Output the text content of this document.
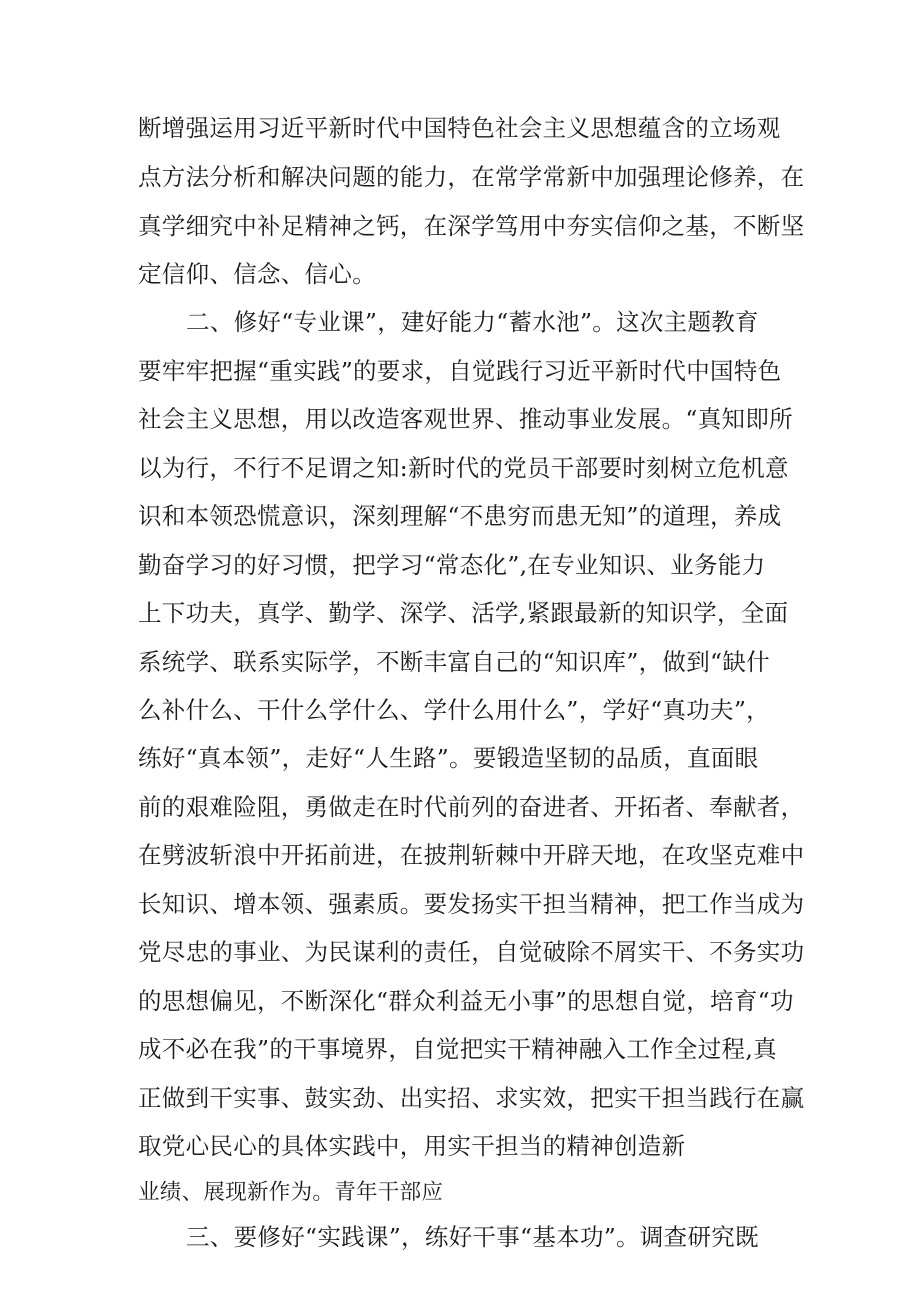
断增强运用习近平新时代中国特色社会主义思想蕴含的立场观
点方法分析和解决问题的能力，在常学常新中加强理论修养，在
真学细究中补足精神之钙，在深学笃用中夯实信仰之基，不断坚
定信仰、信念、信心。
二、修好“专业课”，建好能力“蓄水池”。这次主题教育
要牢牢把握“重实践”的要求，自觉践行习近平新时代中国特色
社会主义思想，用以改造客观世界、推动事业发展。“真知即所
以为行，不行不足谓之知:新时代的党员干部要时刻树立危机意
识和本领恐慌意识，深刻理解“不患穷而患无知”的道理，养成
勤奋学习的好习惯，把学习“常态化”,在专业知识、业务能力
上下功夫，真学、勤学、深学、活学,紧跟最新的知识学，全面
系统学、联系实际学，不断丰富自己的“知识库”，做到“缺什
么补什么、干什么学什么、学什么用什么”，学好“真功夫”，
练好“真本领”，走好“人生路”。要锻造坚韧的品质，直面眼
前的艰难险阻，勇做走在时代前列的奋进者、开拓者、奉献者，
在劈波斩浪中开拓前进，在披荆斩棘中开辟天地，在攻坚克难中
长知识、增本领、强素质。要发扬实干担当精神，把工作当成为
党尽忠的事业、为民谋利的责任，自觉破除不屑实干、不务实功
的思想偏见，不断深化“群众利益无小事”的思想自觉，培育“功
成不必在我”的干事境界，自觉把实干精神融入工作全过程,真
正做到干实事、鼓实劲、出实招、求实效，把实干担当践行在赢
取党心民心的具体实践中，用实干担当的精神创造新
业绩、展现新作为。青年干部应
三、要修好“实践课”，练好干事“基本功”。调查研究既
